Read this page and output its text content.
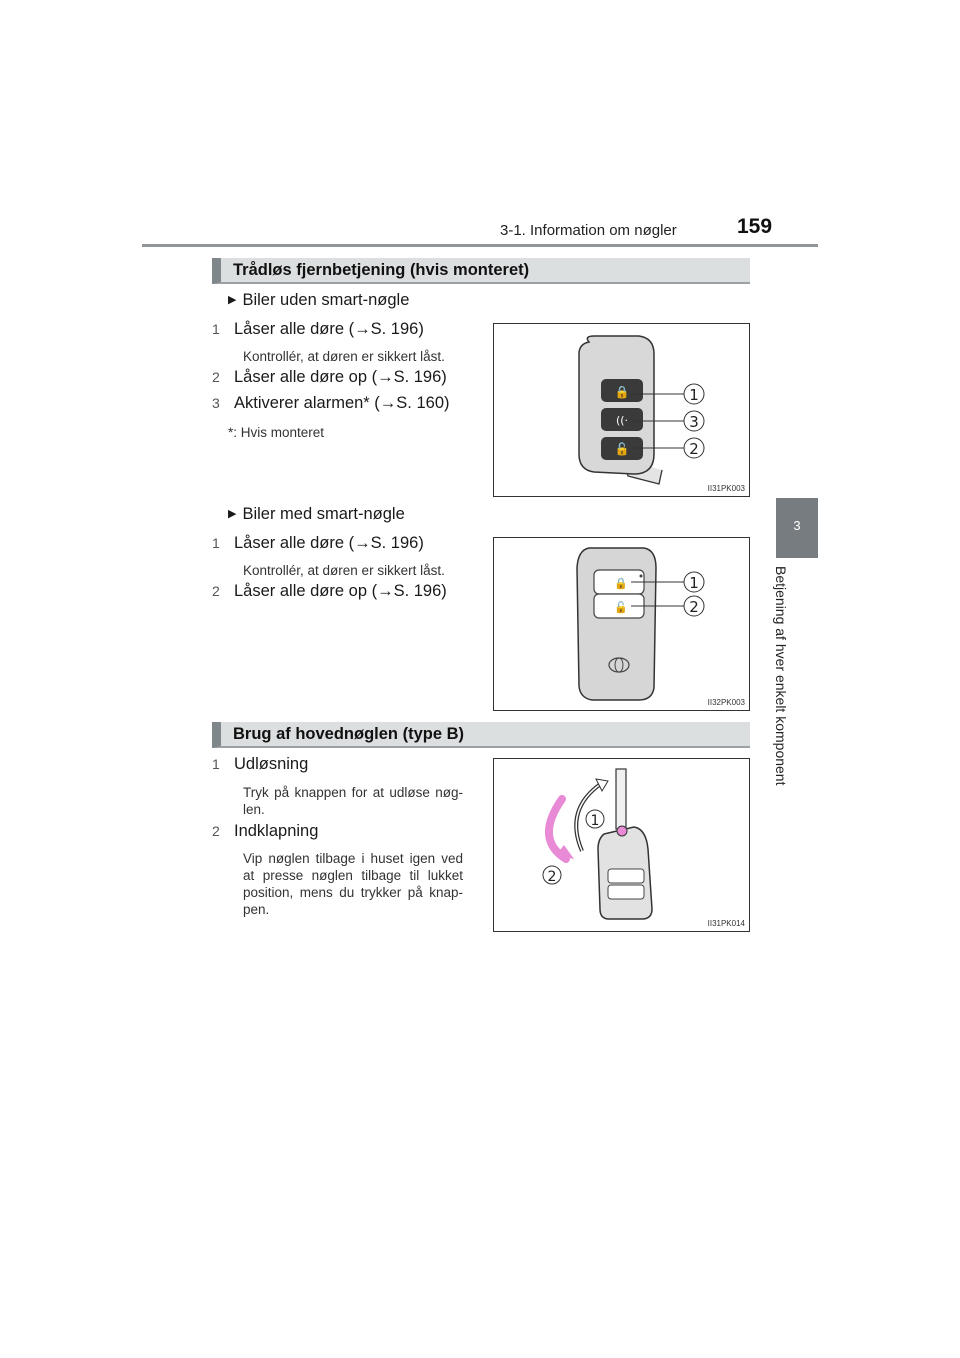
3-1. Information om nøgler	159
3
Betjening af hver enkelt komponent
Trådløs fjernbetjening (hvis monteret)
▶ Biler uden smart-nøgle
1 Låser alle døre (→S. 196)
Kontrollér, at døren er sikkert låst.
2 Låser alle døre op (→S. 196)
3 Aktiverer alarmen* (→S. 160)
*: Hvis monteret
🔒
((·
🔓
1
3
2
II31PK003
▶ Biler med smart-nøgle
1 Låser alle døre (→S. 196)
Kontrollér, at døren er sikkert låst.
2 Låser alle døre op (→S. 196)	🔒
🔓
1
2
II32PK003
Brug af hovednøglen (type B)
1 Udløsning
Tryk på knappen for at udløse nøg-len.
2 Indklapning
Vip nøglen tilbage i huset igen ved at presse nøglen tilbage til lukket position, mens du trykker på knap-pen.
1
2
II31PK014
